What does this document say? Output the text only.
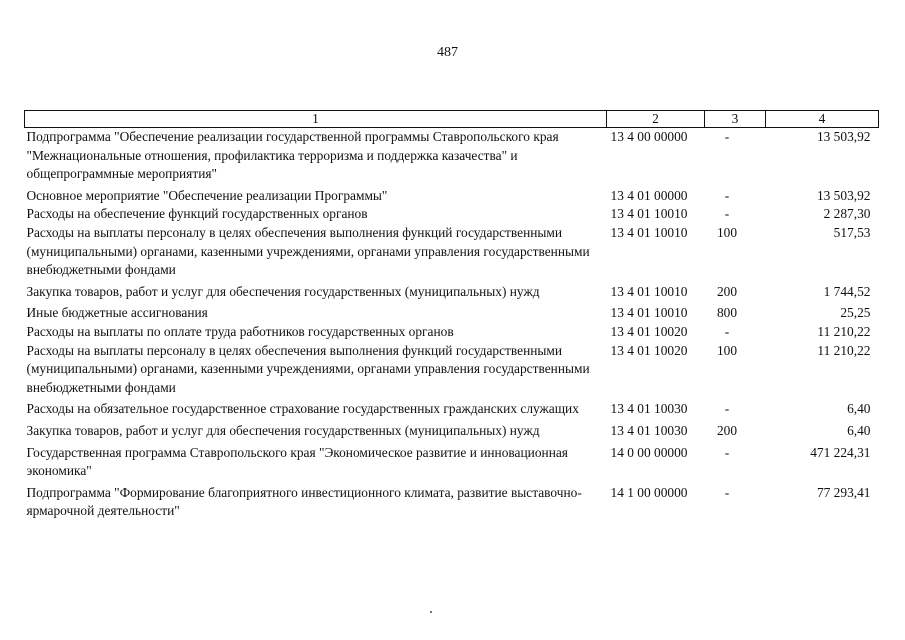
487
1	2	3	4
Подпрограмма "Обеспечение реализации государственной программы Ставропольского края "Межнациональные отношения, профилактика терроризма и поддержка казачества" и общепрограммные мероприятия"	13 4 00 00000	-	13 503,92
Основное мероприятие "Обеспечение реализации Программы"	13 4 01 00000	-	13 503,92
Расходы на обеспечение функций государственных органов	13 4 01 10010	-	2 287,30
Расходы на выплаты персоналу в целях обеспечения выполнения функций государственными (муниципальными) органами, казенными учреждениями, органами управления государственными внебюджетными фондами	13 4 01 10010	100	517,53
Закупка товаров, работ и услуг для обеспечения государственных (муниципальных) нужд	13 4 01 10010	200	1 744,52
Иные бюджетные ассигнования	13 4 01 10010	800	25,25
Расходы на выплаты по оплате труда работников государственных органов	13 4 01 10020	-	11 210,22
Расходы на выплаты персоналу в целях обеспечения выполнения функций государственными (муниципальными) органами, казенными учреждениями, органами управления государственными внебюджетными фондами	13 4 01 10020	100	11 210,22
Расходы на обязательное государственное страхование государственных гражданских служащих	13 4 01 10030	-	6,40
Закупка товаров, работ и услуг для обеспечения государственных (муниципальных) нужд	13 4 01 10030	200	6,40
Государственная программа Ставропольского края "Экономическое развитие и инновационная экономика"	14 0 00 00000	-	471 224,31
Подпрограмма "Формирование благоприятного инвестиционного климата, развитие выставочно-ярмарочной деятельности"	14 1 00 00000	-	77 293,41
